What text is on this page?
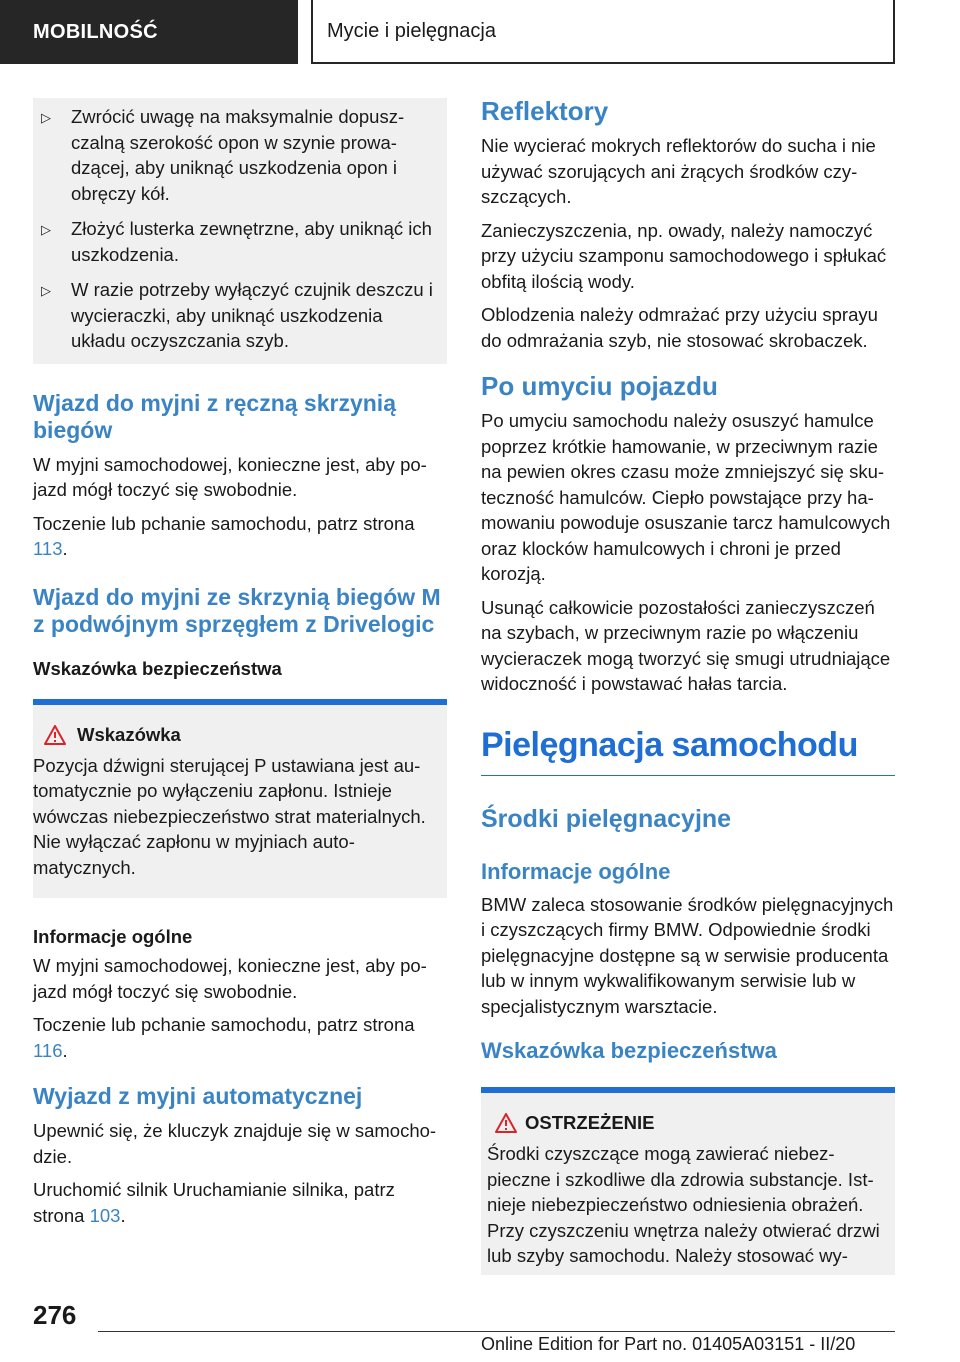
MOBILNOŚĆ	Mycie i pielęgnacja
▷	Zwrócić uwagę na maksymalnie dopuszczalną szerokość opon w szynie prowadzącej, aby uniknąć uszkodzenia opon i obręczy kół.
▷	Złożyć lusterka zewnętrzne, aby uniknąć ich uszkodzenia.
▷	W razie potrzeby wyłączyć czujnik deszczu i wycieraczki, aby uniknąć uszkodzenia układu oczyszczania szyb.
Wjazd do myjni z ręczną skrzynią biegów

W myjni samochodowej, konieczne jest, aby pojazd mógł toczyć się swobodnie.

Toczenie lub pchanie samochodu, patrz strona 113.

Wjazd do myjni ze skrzynią biegów M z podwójnym sprzęgłem z Drivelogic
Wskazówka bezpieczeństwa
Wskazówka

Pozycja dźwigni sterującej P ustawiana jest automatycznie po wyłączeniu zapłonu. Istnieje wówczas niebezpieczeństwo strat materialnych. Nie wyłączać zapłonu w myjniach automatycznych.

Informacje ogólne

W myjni samochodowej, konieczne jest, aby pojazd mógł toczyć się swobodnie.

Toczenie lub pchanie samochodu, patrz strona 116.

Wyjazd z myjni automatycznej

Upewnić się, że kluczyk znajduje się w samochodzie.

Uruchomić silnik Uruchamianie silnika, patrz strona 103.

Reflektory

Nie wycierać mokrych reflektorów do sucha i nie używać szorujących ani żrących środków czyszczących.

Zanieczyszczenia, np. owady, należy namoczyć przy użyciu szamponu samochodowego i spłukać obfitą ilością wody.

Oblodzenia należy odmrażać przy użyciu sprayu do odmrażania szyb, nie stosować skrobaczek.

Po umyciu pojazdu

Po umyciu samochodu należy osuszyć hamulce poprzez krótkie hamowanie, w przeciwnym razie na pewien okres czasu może zmniejszyć się skuteczność hamulców. Ciepło powstające przy hamowaniu powoduje osuszanie tarcz hamulcowych oraz klocków hamulcowych i chroni je przed korozją.

Usunąć całkowicie pozostałości zanieczyszczeń na szybach, w przeciwnym razie po włączeniu wycieraczek mogą tworzyć się smugi utrudniające widoczność i powstawać hałas tarcia.

Pielęgnacja samochodu
Środki pielęgnacyjne
Informacje ogólne

BMW zaleca stosowanie środków pielęgnacyjnych i czyszczących firmy BMW. Odpowiednie środki pielęgnacyjne dostępne są w serwisie producenta lub w innym wykwalifikowanym serwisie lub w specjalistycznym warsztacie.

Wskazówka bezpieczeństwa
OSTRZEŻENIE

Środki czyszczące mogą zawierać niebezpieczne i szkodliwe dla zdrowia substancje. Istnieje niebezpieczeństwo odniesienia obrażeń. Przy czyszczeniu wnętrza należy otwierać drzwi lub szyby samochodu. Należy stosować wy-

276
Online Edition for Part no. 01405A03151 - II/20
